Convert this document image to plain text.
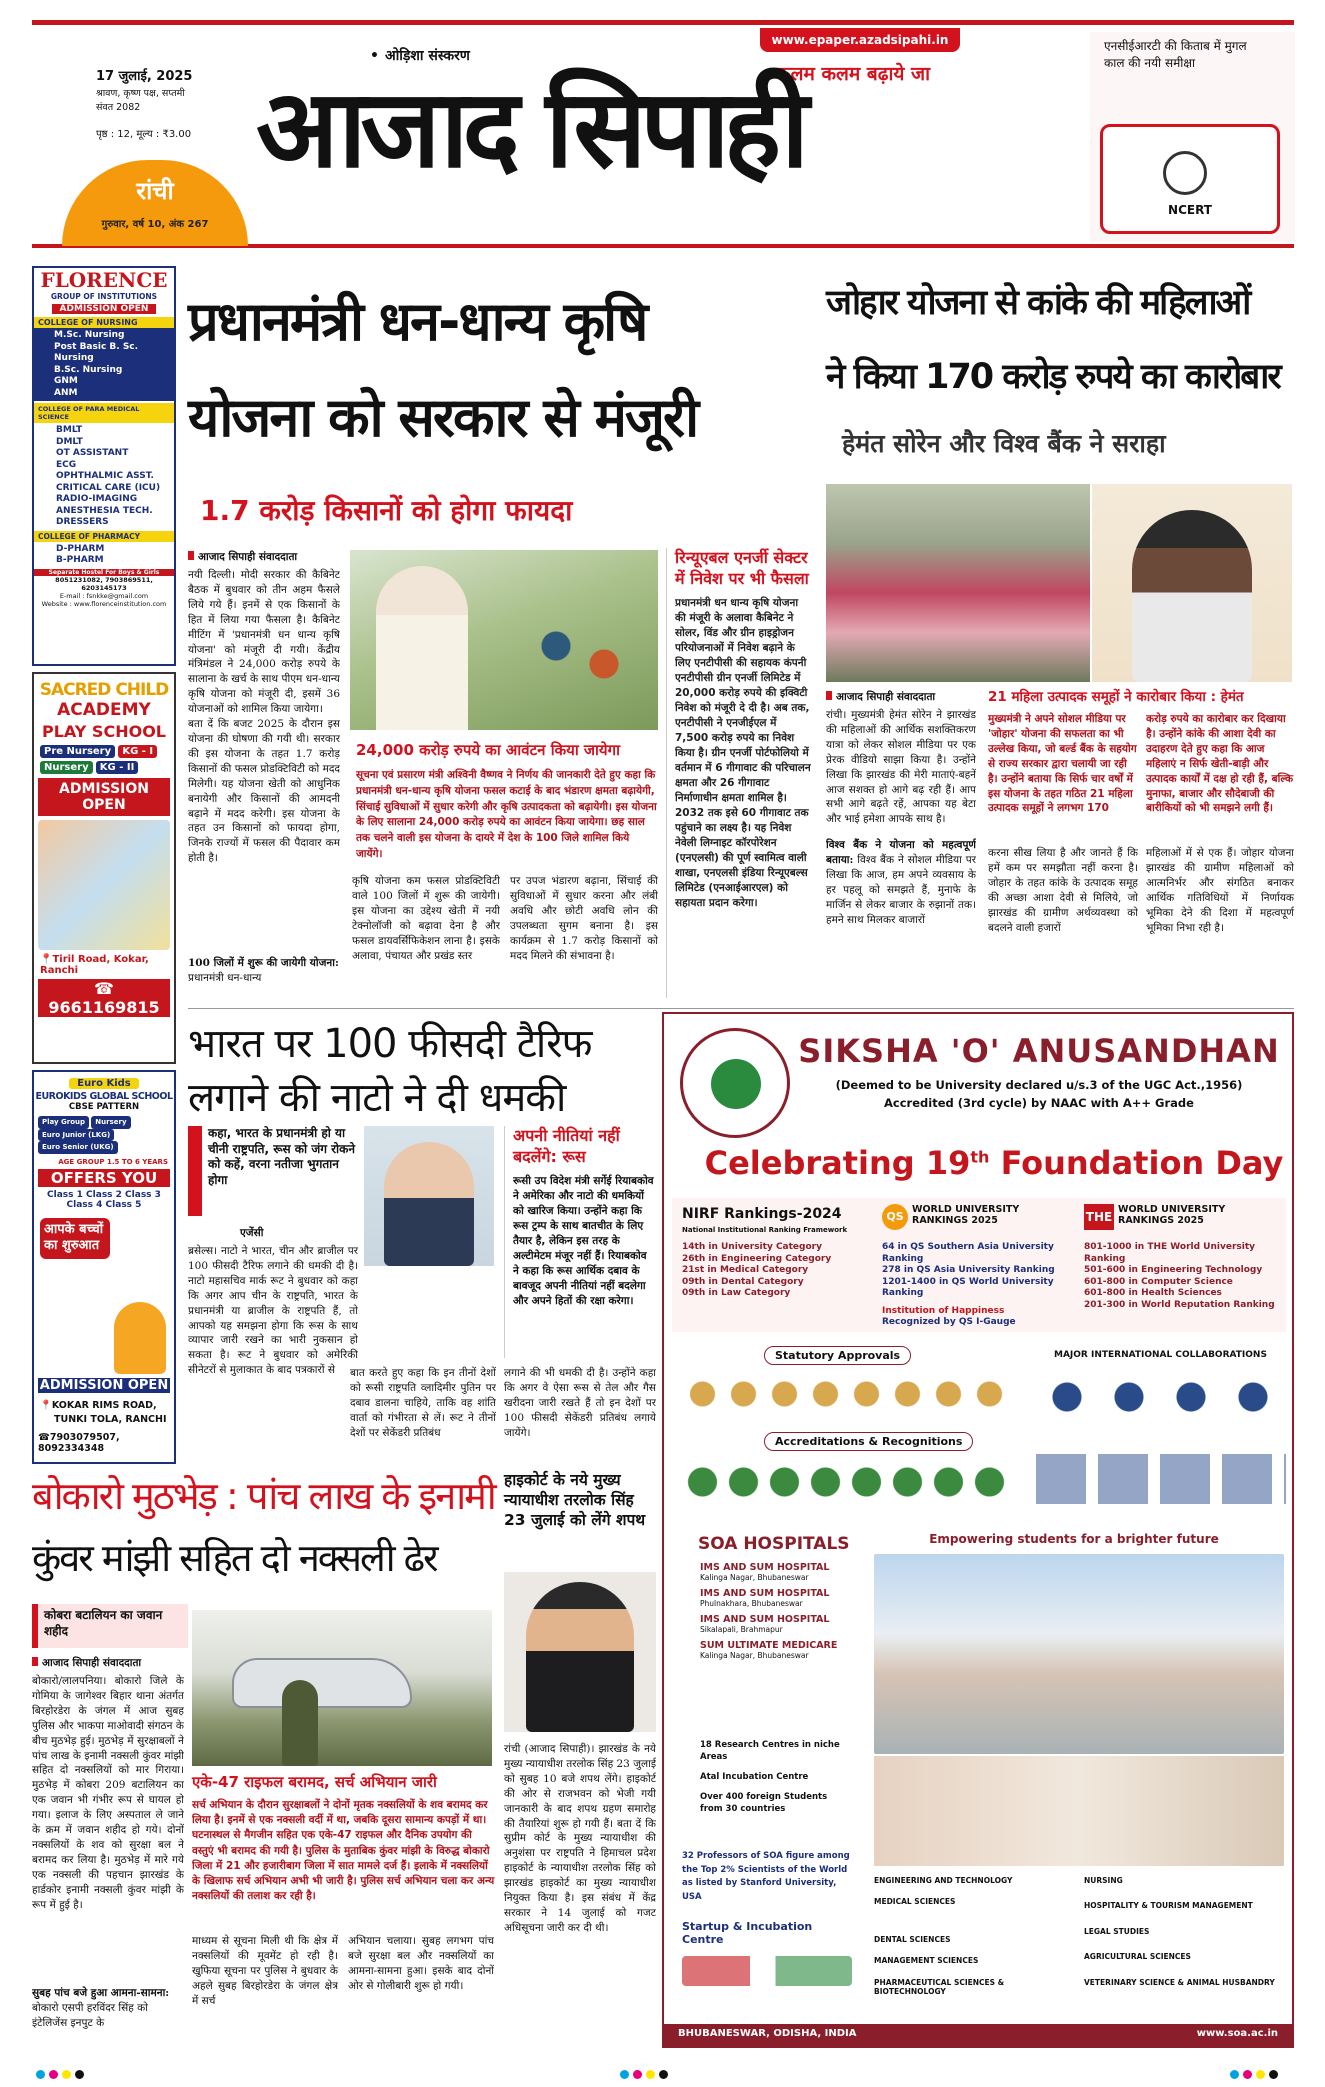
• ओड़िशा संस्करण
17 जुलाई, 2025
श्रावण, कृष्ण पक्ष, सप्तमी
संवत 2082
पृष्ठ : 12, मूल्य : ₹3.00
रांची
गुरुवार, वर्ष 10, अंक 267
www.epaper.azadsipahi.in
कलम कलम बढ़ाये जा
आजाद सिपाही
एनसीईआरटी की किताब में मुगल काल की नयी समीक्षा
NCERT
FLORENCE
GROUP OF INSTITUTIONS
ADMISSION OPEN
COLLEGE OF NURSING
M.Sc. Nursing
Post Basic B. Sc. Nursing
B.Sc. Nursing
GNM
ANM
COLLEGE OF PARA MEDICAL SCIENCE
BMLT
DMLT
OT ASSISTANT
ECG
OPHTHALMIC ASST.
CRITICAL CARE (ICU)
RADIO-IMAGING
ANESTHESIA TECH.
DRESSERS
COLLEGE OF PHARMACY
D-PHARM
B-PHARM
Separate Hostel For Boys & Girls
8051231082, 7903869511, 6203145173
E-mail : fsnkke@gmail.com
Website : www.florenceinstitution.com
SACRED CHILD
ACADEMY
PLAY SCHOOL
Pre Nursery KG - I
Nursery KG - II
ADMISSION OPEN
📍Tiril Road, Kokar, Ranchi
☎ 9661169815
Euro Kids
EUROKIDS GLOBAL SCHOOL
CBSE PATTERN
Play Group Nursery Euro Junior (LKG) Euro Senior (UKG)
AGE GROUP 1.5 TO 6 YEARS
OFFERS YOU
Class 1 Class 2 Class 3 Class 4 Class 5
आपके बच्चों का शुरुआत
ADMISSION OPEN
📍KOKAR RIMS ROAD,
TUNKI TOLA, RANCHI
☎7903079507, 8092334348
प्रधानमंत्री धन-धान्य कृषि
योजना को सरकार से मंजूरी
1.7 करोड़ किसानों को होगा फायदा
आजाद सिपाही संवाददाता
नयी दिल्ली। मोदी सरकार की कैबिनेट बैठक में बुधवार को तीन अहम फैसले लिये गये हैं। इनमें से एक किसानों के हित में लिया गया फैसला है। कैबिनेट मीटिंग में 'प्रधानमंत्री धन धान्य कृषि योजना' को मंजूरी दी गयी। केंद्रीय मंत्रिमंडल ने 24,000 करोड़ रुपये के सालाना के खर्च के साथ पीएम धन-धान्य कृषि योजना को मंजूरी दी, इसमें 36 योजनाओं को शामिल किया जायेगा।
बता दें कि बजट 2025 के दौरान इस योजना की घोषणा की गयी थी। सरकार की इस योजना के तहत 1.7 करोड़ किसानों की फसल प्रोडक्टिविटी को मदद मिलेगी। यह योजना खेती को आधुनिक बनायेगी और किसानों की आमदनी बढ़ाने में मदद करेगी। इस योजना के तहत उन किसानों को फायदा होगा, जिनके राज्यों में फसल की पैदावार कम होती है।
100 जिलों में शुरू की जायेगी योजना: प्रधानमंत्री धन-धान्य
24,000 करोड़ रुपये का आवंटन किया जायेगा
सूचना एवं प्रसारण मंत्री अश्विनी वैष्णव ने निर्णय की जानकारी देते हुए कहा कि प्रधानमंत्री धन-धान्य कृषि योजना फसल कटाई के बाद भंडारण क्षमता बढ़ायेगी, सिंचाई सुविधाओं में सुधार करेगी और कृषि उत्पादकता को बढ़ायेगी। इस योजना के लिए सालाना 24,000 करोड़ रुपये का आवंटन किया जायेगा। छह साल तक चलने वाली इस योजना के दायरे में देश के 100 जिले शामिल किये जायेंगे।
कृषि योजना कम फसल प्रोडक्टिविटी वाले 100 जिलों में शुरू की जायेगी। इस योजना का उद्देश्य खेती में नयी टेक्नोलॉजी को बढ़ावा देना है और फसल डायवर्सिफिकेशन लाना है। इसके अलावा, पंचायत और प्रखंड स्तर
पर उपज भंडारण बढ़ाना, सिंचाई की सुविधाओं में सुधार करना और लंबी अवधि और छोटी अवधि लोन की उपलब्धता सुगम बनाना है। इस कार्यक्रम से 1.7 करोड़ किसानों को मदद मिलने की संभावना है।
रिन्यूएबल एनर्जी सेक्टर में निवेश पर भी फैसला
प्रधानमंत्री धन धान्य कृषि योजना की मंजूरी के अलावा कैबिनेट ने सोलर, विंड और ग्रीन हाइड्रोजन परियोजनाओं में निवेश बढ़ाने के लिए एनटीपीसी की सहायक कंपनी एनटीपीसी ग्रीन एनर्जी लिमिटेड में 20,000 करोड़ रुपये की इक्विटी निवेश को मंजूरी दे दी है। अब तक, एनटीपीसी ने एनजीईएल में 7,500 करोड़ रुपये का निवेश किया है। ग्रीन एनर्जी पोर्टफोलियो में वर्तमान में 6 गीगावाट की परिचालन क्षमता और 26 गीगावाट निर्माणाधीन क्षमता शामिल है। 2032 तक इसे 60 गीगावाट तक पहुंचाने का लक्ष्य है। यह निवेश नेवेली लिग्नाइट कॉरपोरेशन (एनएलसी) की पूर्ण स्वामित्व वाली शाखा, एनएलसी इंडिया रिन्यूएबल्स लिमिटेड (एनआईआरएल) को सहायता प्रदान करेगा।
जोहार योजना से कांके की महिलाओं
ने किया 170 करोड़ रुपये का कारोबार
हेमंत सोरेन और विश्व बैंक ने सराहा
आजाद सिपाही संवाददाता
रांची। मुख्यमंत्री हेमंत सोरेन ने झारखंड की महिलाओं की आर्थिक सशक्तिकरण यात्रा को लेकर सोशल मीडिया पर एक प्रेरक वीडियो साझा किया है। उन्होंने लिखा कि झारखंड की मेरी माताएं-बहनें आज सशक्त हो आगे बढ़ रही हैं। आप सभी आगे बढ़ते रहें, आपका यह बेटा और भाई हमेशा आपके साथ है।
विश्व बैंक ने योजना को महत्वपूर्ण बताया: विश्व बैंक ने सोशल मीडिया पर लिखा कि आज, हम अपने व्यवसाय के हर पहलू को समझते हैं, मुनाफे के मार्जिन से लेकर बाजार के रुझानों तक। हमने साथ मिलकर बाजारों
21 महिला उत्पादक समूहों ने कारोबार किया : हेमंत
मुख्यमंत्री ने अपने सोशल मीडिया पर 'जोहार' योजना की सफलता का भी उल्लेख किया, जो बर्ल्ड बैंक के सहयोग से राज्य सरकार द्वारा चलायी जा रही है। उन्होंने बताया कि सिर्फ चार वर्षों में इस योजना के तहत गठित 21 महिला उत्पादक समूहों ने लगभग 170
करोड़ रुपये का कारोबार कर दिखाया है। उन्होंने कांके की आशा देवी का उदाहरण देते हुए कहा कि आज महिलाएं न सिर्फ खेती-बाड़ी और उत्पादक कार्यों में दक्ष हो रही हैं, बल्कि मुनाफा, बाजार और सौदेबाजी की बारीकियों को भी समझने लगी हैं।
करना सीख लिया है और जानते हैं कि हमें कम पर समझौता नहीं करना है। जोहार के तहत कांके के उत्पादक समूह की अच्छा आशा देवी से मिलिये, जो झारखंड की ग्रामीण अर्थव्यवस्था को बदलने वाली हजारों
महिलाओं में से एक हैं। जोहार योजना झारखंड की ग्रामीण महिलाओं को आत्मनिर्भर और संगठित बनाकर आर्थिक गतिविधियों में निर्णायक भूमिका देने की दिशा में महत्वपूर्ण भूमिका निभा रही है।
भारत पर 100 फीसदी टैरिफ
लगाने की नाटो ने दी धमकी
कहा, भारत के प्रधानमंत्री हो या चीनी राष्ट्रपति, रूस को जंग रोकने को कहें, वरना नतीजा भुगतान होगा
एजेंसी
ब्रसेल्स। नाटो ने भारत, चीन और ब्राजील पर 100 फीसदी टैरिफ लगाने की धमकी दी है। नाटो महासचिव मार्क रूट ने बुधवार को कहा कि अगर आप चीन के राष्ट्रपति, भारत के प्रधानमंत्री या ब्राजील के राष्ट्रपति हैं, तो आपको यह समझना होगा कि रूस के साथ व्यापार जारी रखने का भारी नुकसान हो सकता है। रूट ने बुधवार को अमेरिकी सीनेटरों से मुलाकात के बाद पत्रकारों से	बात करते हुए कहा कि इन तीनों देशों को रूसी राष्ट्रपति व्लादिमीर पुतिन पर दबाव डालना चाहिये, ताकि वह शांति वार्ता को गंभीरता से लें। रूट ने तीनों देशों पर सेकेंडरी प्रतिबंध
अपनी नीतियां नहीं बदलेंगे: रूस
रूसी उप विदेश मंत्री सर्गेई रियाबकोव ने अमेरिका और नाटो की धमकियों को खारिज किया। उन्होंने कहा कि रूस ट्रम्प के साथ बातचीत के लिए तैयार है, लेकिन इस तरह के अल्टीमेटम मंजूर नहीं हैं। रियाबकोव ने कहा कि रूस आर्थिक दबाव के बावजूद अपनी नीतियां नहीं बदलेगा और अपने हितों की रक्षा करेगा।
लगाने की भी धमकी दी है। उन्होंने कहा कि अगर वे ऐसा रूस से तेल और गैस खरीदना जारी रखते हैं तो इन देशों पर 100 फीसदी सेकेंडरी प्रतिबंध लगाये जायेंगे।
बोकारो मुठभेड़ : पांच लाख के इनामी
कुंवर मांझी सहित दो नक्सली ढेर
कोबरा बटालियन का जवान शहीद
आजाद सिपाही संवाददाता
बोकारो/लालपनिया। बोकारो जिले के गोमिया के जागेश्वर बिहार थाना अंतर्गत बिरहोरडेरा के जंगल में आज सुबह पुलिस और भाकपा माओवादी संगठन के बीच मुठभेड़ हुई। मुठभेड़ में सुरक्षाबलों ने पांच लाख के इनामी नक्सली कुंवर मांझी सहित दो नक्सलियों को मार गिराया। मुठभेड़ में कोबरा 209 बटालियन का एक जवान भी गंभीर रूप से घायल हो गया। इलाज के लिए अस्पताल ले जाने के क्रम में जवान शहीद हो गये। दोनों नक्सलियों के शव को सुरक्षा बल ने बरामद कर लिया है। मुठभेड़ में मारे गये एक नक्सली की पहचान झारखंड के हार्डकोर इनामी नक्सली कुंवर मांझी के रूप में हुई है।
सुबह पांच बजे हुआ आमना-सामना: बोकारो एसपी हरविंदर सिंह को इंटेलिजेंस इनपुट के
एके-47 राइफल बरामद, सर्च अभियान जारी
सर्च अभियान के दौरान सुरक्षाबलों ने दोनों मृतक नक्सलियों के शव बरामद कर लिया है। इनमें से एक नक्सली वर्दी में था, जबकि दूसरा सामान्य कपड़ों में था। घटनास्थल से मैगजीन सहित एक एके-47 राइफल और दैनिक उपयोग की वस्तुएं भी बरामद की गयी है। पुलिस के मुताबिक कुंवर मांझी के विरुद्ध बोकारो जिला में 21 और हजारीबाग जिला में सात मामले दर्ज हैं। इलाके में नक्सलियों के खिलाफ सर्च अभियान अभी भी जारी है। पुलिस सर्च अभियान चला कर अन्य नक्सलियों की तलाश कर रही है।
माध्यम से सूचना मिली थी कि क्षेत्र में नक्सलियों की मूवमेंट हो रही है। खुफिया सूचना पर पुलिस ने बुधवार के अहले सुबह बिरहोरडेरा के जंगल क्षेत्र में सर्च
अभियान चलाया। सुबह लगभग पांच बजे सुरक्षा बल और नक्सलियों का आमना-सामना हुआ। इसके बाद दोनों ओर से गोलीबारी शुरू हो गयी।
हाइकोर्ट के नये मुख्य न्यायाधीश तरलोक सिंह 23 जुलाई को लेंगे शपथ
रांची (आजाद सिपाही)। झारखंड के नये मुख्य न्यायाधीश तरलोक सिंह 23 जुलाई को सुबह 10 बजे शपथ लेंगे। हाइकोर्ट की ओर से राजभवन को भेजी गयी जानकारी के बाद शपथ ग्रहण समारोह की तैयारियां शुरू हो गयी हैं। बता दें कि सुप्रीम कोर्ट के मुख्य न्यायाधीश की अनुशंसा पर राष्ट्रपति ने हिमाचल प्रदेश हाइकोर्ट के न्यायाधीश तरलोक सिंह को झारखंड हाइकोर्ट का मुख्य न्यायाधीश नियुक्त किया है। इस संबंध में केंद्र सरकार ने 14 जुलाई को गजट अधिसूचना जारी कर दी थी।
SIKSHA 'O' ANUSANDHAN
(Deemed to be University declared u/s.3 of the UGC Act.,1956)
Accredited (3rd cycle) by NAAC with A++ Grade
Celebrating 19th Foundation Day
NIRF Rankings-2024
National Institutional Ranking Framework
14th in University Category
26th in Engineering Category
21st in Medical Category
09th in Dental Category
09th in Law Category
QS
WORLD UNIVERSITY RANKINGS 2025
64 in QS Southern Asia University Ranking
278 in QS Asia University Ranking
1201-1400 in QS World University Ranking
Institution of Happiness
Recognized by QS I-Gauge
THE
WORLD UNIVERSITY RANKINGS 2025
801-1000 in THE World University Ranking
501-600 in Engineering Technology
601-800 in Computer Science
601-800 in Health Sciences
201-300 in World Reputation Ranking
Statutory Approvals	MAJOR INTERNATIONAL COLLABORATIONS
Accreditations & Recognitions
SOA HOSPITALS
IMS AND SUM HOSPITAL
Kalinga Nagar, Bhubaneswar
IMS AND SUM HOSPITAL
Phulnakhara, Bhubaneswar
IMS AND SUM HOSPITAL
Sikalapali, Brahmapur
SUM ULTIMATE MEDICARE
Kalinga Nagar, Bhubaneswar
18 Research Centres in niche Areas
Atal Incubation Centre
Over 400 foreign Students from 30 countries
32 Professors of SOA figure among the Top 2% Scientists of the World as listed by Stanford University, USA
Startup & Incubation Centre
Empowering students for a brighter future
ENGINEERING AND TECHNOLOGY
MEDICAL SCIENCES
DENTAL SCIENCES
MANAGEMENT SCIENCES
PHARMACEUTICAL SCIENCES & BIOTECHNOLOGY
NURSING
HOSPITALITY & TOURISM MANAGEMENT
LEGAL STUDIES
AGRICULTURAL SCIENCES
VETERINARY SCIENCE & ANIMAL HUSBANDRY
BHUBANESWAR, ODISHA, INDIA	www.soa.ac.in
